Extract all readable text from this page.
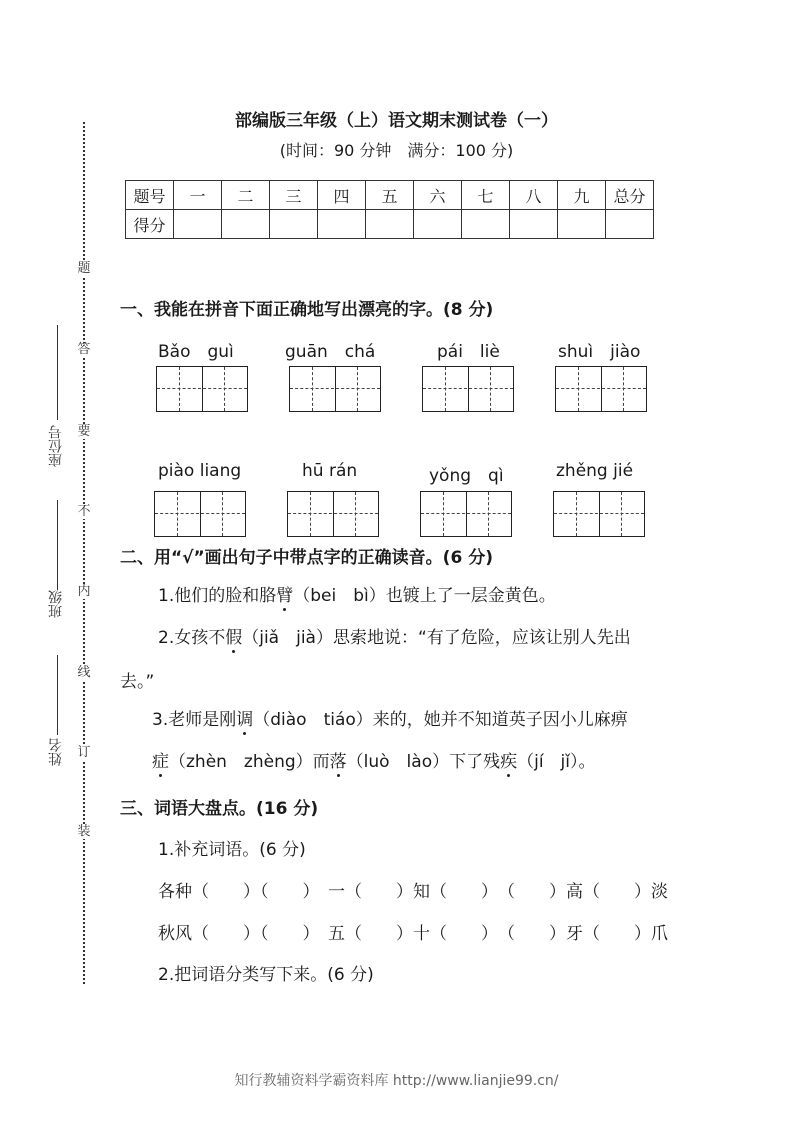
题
答
要
不
内
线
订
装
座位号
班级
姓名
部编版三年级（上）语文期末测试卷（一）
(时间：90 分钟　满分：100 分)
题号	一	二	三	四	五	六	七	八	九	总分
得分										
一、我能在拼音下面正确地写出漂亮的字。(8 分)
Bǎo　guì	guān　chá	pái　liè	shuì　jiào
piào liang	hū rán	yǒng　qì	zhěng jié
二、用“√”画出句子中带点字的正确读音。(6 分)
1.他们的脸和胳臂（bei　bì）也镀上了一层金黄色。
2.女孩不假（jiǎ　jià）思索地说：“有了危险，应该让别人先出
去。”
3.老师是刚调（diào　tiáo）来的，她并不知道英子因小儿麻痹
症（zhèn　zhèng）而落（luò　lào）下了残疾（jí　jǐ）。
三、词语大盘点。(16 分)
1.补充词语。(6 分)
各种（　　）（　　）　一（　　）知（　　）　（　　）高（　　）淡
秋风（　　）（　　）　五（　　）十（　　）　（　　）牙（　　）爪
2.把词语分类写下来。(6 分)
知行教辅资料学霸资料库 http://www.lianjie99.cn/
